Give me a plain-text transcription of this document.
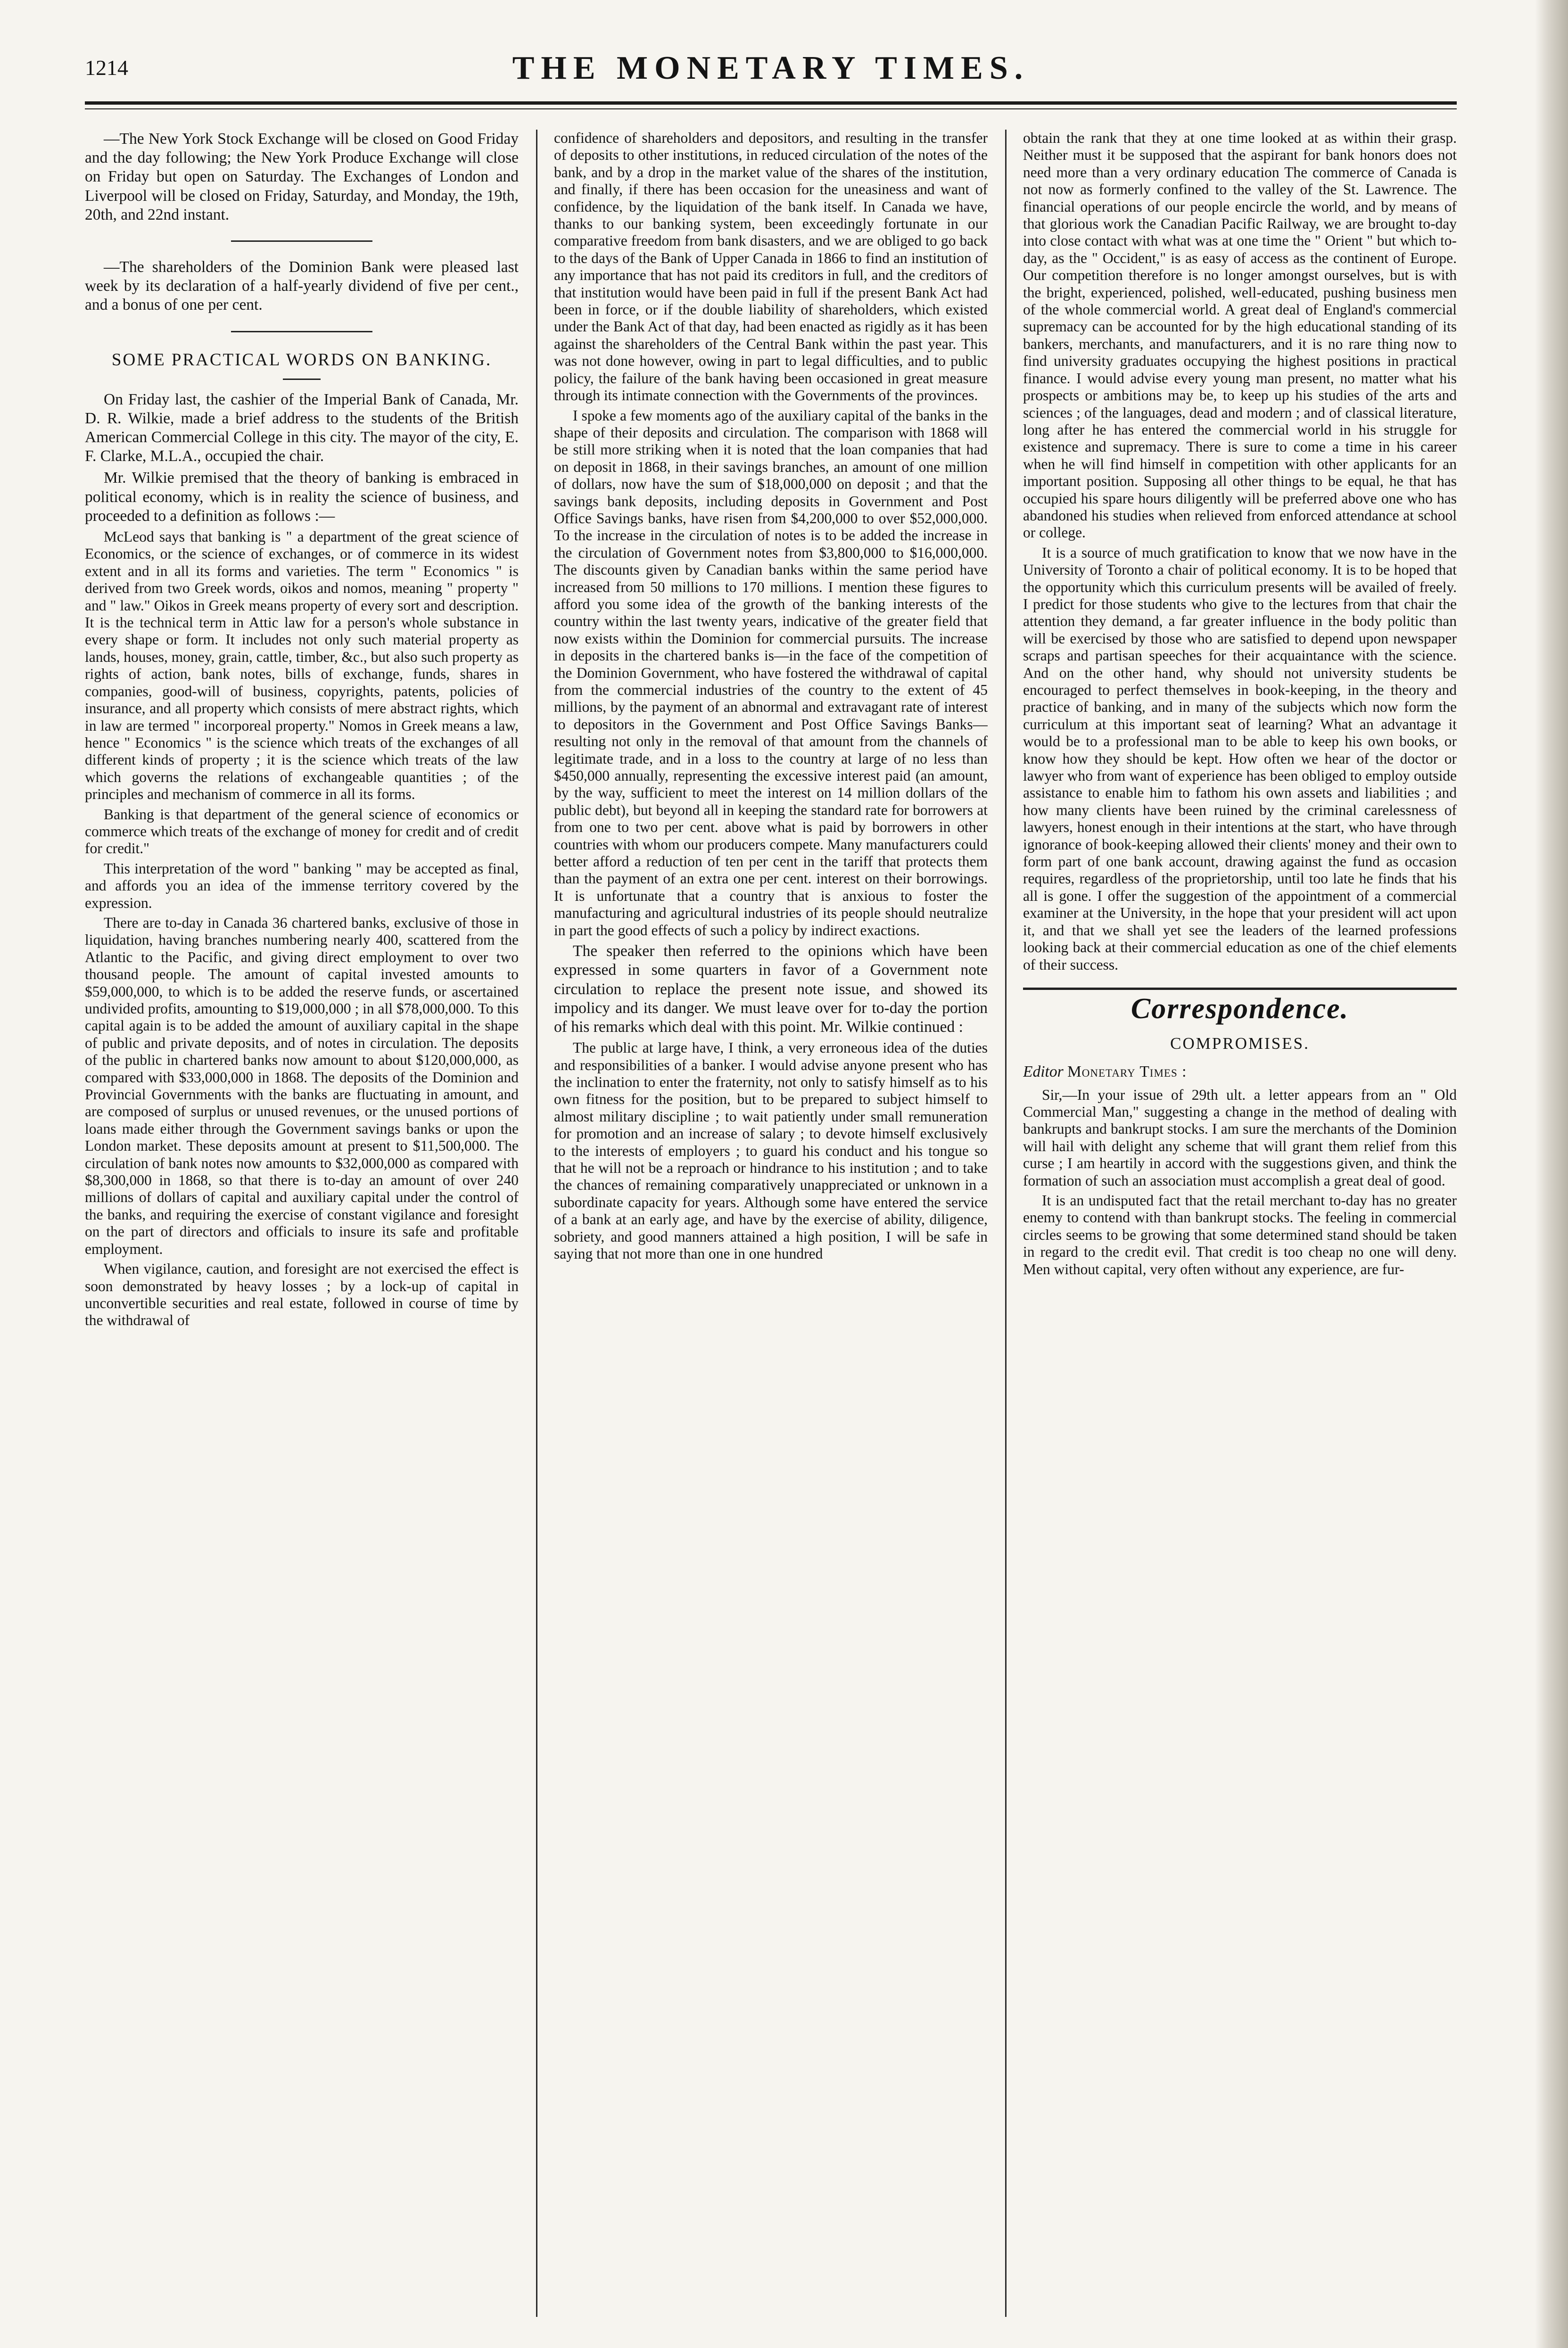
1214	THE MONETARY TIMES.

—The New York Stock Exchange will be closed on Good Friday and the day following; the New York Produce Exchange will close on Friday but open on Saturday. The Exchanges of London and Liverpool will be closed on Friday, Saturday, and Monday, the 19th, 20th, and 22nd instant.

—The shareholders of the Dominion Bank were pleased last week by its declaration of a half-yearly dividend of five per cent., and a bonus of one per cent.

SOME PRACTICAL WORDS ON BANKING.

On Friday last, the cashier of the Imperial Bank of Canada, Mr. D. R. Wilkie, made a brief address to the students of the British American Commercial College in this city. The mayor of the city, E. F. Clarke, M.L.A., occupied the chair.

Mr. Wilkie premised that the theory of banking is embraced in political economy, which is in reality the science of business, and proceeded to a definition as follows :—

McLeod says that banking is " a department of the great science of Economics, or the science of exchanges, or of commerce in its widest extent and in all its forms and varieties. The term " Economics " is derived from two Greek words, oikos and nomos, meaning " property " and " law." Oikos in Greek means property of every sort and description. It is the technical term in Attic law for a person's whole substance in every shape or form. It includes not only such material property as lands, houses, money, grain, cattle, timber, &c., but also such property as rights of action, bank notes, bills of exchange, funds, shares in companies, good-will of business, copyrights, patents, policies of insurance, and all property which consists of mere abstract rights, which in law are termed " incorporeal property." Nomos in Greek means a law, hence " Economics " is the science which treats of the exchanges of all different kinds of property ; it is the science which treats of the law which governs the relations of exchangeable quantities ; of the principles and mechanism of commerce in all its forms.

Banking is that department of the general science of economics or commerce which treats of the exchange of money for credit and of credit for credit."

This interpretation of the word " banking " may be accepted as final, and affords you an idea of the immense territory covered by the expression.

There are to-day in Canada 36 chartered banks, exclusive of those in liquidation, having branches numbering nearly 400, scattered from the Atlantic to the Pacific, and giving direct employment to over two thousand people. The amount of capital invested amounts to $59,000,000, to which is to be added the reserve funds, or ascertained undivided profits, amounting to $19,000,000 ; in all $78,000,000. To this capital again is to be added the amount of auxiliary capital in the shape of public and private deposits, and of notes in circulation. The deposits of the public in chartered banks now amount to about $120,000,000, as compared with $33,000,000 in 1868. The deposits of the Dominion and Provincial Governments with the banks are fluctuating in amount, and are composed of surplus or unused revenues, or the unused portions of loans made either through the Government savings banks or upon the London market. These deposits amount at present to $11,500,000. The circulation of bank notes now amounts to $32,000,000 as compared with $8,300,000 in 1868, so that there is to-day an amount of over 240 millions of dollars of capital and auxiliary capital under the control of the banks, and requiring the exercise of constant vigilance and foresight on the part of directors and officials to insure its safe and profitable employment.

When vigilance, caution, and foresight are not exercised the effect is soon demonstrated by heavy losses ; by a lock-up of capital in unconvertible securities and real estate, followed in course of time by the withdrawal of

confidence of shareholders and depositors, and resulting in the transfer of deposits to other institutions, in reduced circulation of the notes of the bank, and by a drop in the market value of the shares of the institution, and finally, if there has been occasion for the uneasiness and want of confidence, by the liquidation of the bank itself. In Canada we have, thanks to our banking system, been exceedingly fortunate in our comparative freedom from bank disasters, and we are obliged to go back to the days of the Bank of Upper Canada in 1866 to find an institution of any importance that has not paid its creditors in full, and the creditors of that institution would have been paid in full if the present Bank Act had been in force, or if the double liability of shareholders, which existed under the Bank Act of that day, had been enacted as rigidly as it has been against the shareholders of the Central Bank within the past year. This was not done however, owing in part to legal difficulties, and to public policy, the failure of the bank having been occasioned in great measure through its intimate connection with the Governments of the provinces.

I spoke a few moments ago of the auxiliary capital of the banks in the shape of their deposits and circulation. The comparison with 1868 will be still more striking when it is noted that the loan companies that had on deposit in 1868, in their savings branches, an amount of one million of dollars, now have the sum of $18,000,000 on deposit ; and that the savings bank deposits, including deposits in Government and Post Office Savings banks, have risen from $4,200,000 to over $52,000,000. To the increase in the circulation of notes is to be added the increase in the circulation of Government notes from $3,800,000 to $16,000,000. The discounts given by Canadian banks within the same period have increased from 50 millions to 170 millions. I mention these figures to afford you some idea of the growth of the banking interests of the country within the last twenty years, indicative of the greater field that now exists within the Dominion for commercial pursuits. The increase in deposits in the chartered banks is—in the face of the competition of the Dominion Government, who have fostered the withdrawal of capital from the commercial industries of the country to the extent of 45 millions, by the payment of an abnormal and extravagant rate of interest to depositors in the Government and Post Office Savings Banks—resulting not only in the removal of that amount from the channels of legitimate trade, and in a loss to the country at large of no less than $450,000 annually, representing the excessive interest paid (an amount, by the way, sufficient to meet the interest on 14 million dollars of the public debt), but beyond all in keeping the standard rate for borrowers at from one to two per cent. above what is paid by borrowers in other countries with whom our producers compete. Many manufacturers could better afford a reduction of ten per cent in the tariff that protects them than the payment of an extra one per cent. interest on their borrowings. It is unfortunate that a country that is anxious to foster the manufacturing and agricultural industries of its people should neutralize in part the good effects of such a policy by indirect exactions.

The speaker then referred to the opinions which have been expressed in some quarters in favor of a Government note circulation to replace the present note issue, and showed its impolicy and its danger. We must leave over for to-day the portion of his remarks which deal with this point. Mr. Wilkie continued :

The public at large have, I think, a very erroneous idea of the duties and responsibilities of a banker. I would advise anyone present who has the inclination to enter the fraternity, not only to satisfy himself as to his own fitness for the position, but to be prepared to subject himself to almost military discipline ; to wait patiently under small remuneration for promotion and an increase of salary ; to devote himself exclusively to the interests of employers ; to guard his conduct and his tongue so that he will not be a reproach or hindrance to his institution ; and to take the chances of remaining comparatively unappreciated or unknown in a subordinate capacity for years. Although some have entered the service of a bank at an early age, and have by the exercise of ability, diligence, sobriety, and good manners attained a high position, I will be safe in saying that not more than one in one hundred

obtain the rank that they at one time looked at as within their grasp. Neither must it be supposed that the aspirant for bank honors does not need more than a very ordinary education The commerce of Canada is not now as formerly confined to the valley of the St. Lawrence. The financial operations of our people encircle the world, and by means of that glorious work the Canadian Pacific Railway, we are brought to-day into close contact with what was at one time the " Orient " but which to-day, as the " Occident," is as easy of access as the continent of Europe. Our competition therefore is no longer amongst ourselves, but is with the bright, experienced, polished, well-educated, pushing business men of the whole commercial world. A great deal of England's commercial supremacy can be accounted for by the high educational standing of its bankers, merchants, and manufacturers, and it is no rare thing now to find university graduates occupying the highest positions in practical finance. I would advise every young man present, no matter what his prospects or ambitions may be, to keep up his studies of the arts and sciences ; of the languages, dead and modern ; and of classical literature, long after he has entered the commercial world in his struggle for existence and supremacy. There is sure to come a time in his career when he will find himself in competition with other applicants for an important position. Supposing all other things to be equal, he that has occupied his spare hours diligently will be preferred above one who has abandoned his studies when relieved from enforced attendance at school or college.

It is a source of much gratification to know that we now have in the University of Toronto a chair of political economy. It is to be hoped that the opportunity which this curriculum presents will be availed of freely. I predict for those students who give to the lectures from that chair the attention they demand, a far greater influence in the body politic than will be exercised by those who are satisfied to depend upon newspaper scraps and partisan speeches for their acquaintance with the science. And on the other hand, why should not university students be encouraged to perfect themselves in book-keeping, in the theory and practice of banking, and in many of the subjects which now form the curriculum at this important seat of learning? What an advantage it would be to a professional man to be able to keep his own books, or know how they should be kept. How often we hear of the doctor or lawyer who from want of experience has been obliged to employ outside assistance to enable him to fathom his own assets and liabilities ; and how many clients have been ruined by the criminal carelessness of lawyers, honest enough in their intentions at the start, who have through ignorance of book-keeping allowed their clients' money and their own to form part of one bank account, drawing against the fund as occasion requires, regardless of the proprietorship, until too late he finds that his all is gone. I offer the suggestion of the appointment of a commercial examiner at the University, in the hope that your president will act upon it, and that we shall yet see the leaders of the learned professions looking back at their commercial education as one of the chief elements of their success.

Correspondence.

COMPROMISES.

Editor Monetary Times :

Sir,—In your issue of 29th ult. a letter appears from an " Old Commercial Man," suggesting a change in the method of dealing with bankrupts and bankrupt stocks. I am sure the merchants of the Dominion will hail with delight any scheme that will grant them relief from this curse ; I am heartily in accord with the suggestions given, and think the formation of such an association must accomplish a great deal of good.

It is an undisputed fact that the retail merchant to-day has no greater enemy to contend with than bankrupt stocks. The feeling in commercial circles seems to be growing that some determined stand should be taken in regard to the credit evil. That credit is too cheap no one will deny. Men without capital, very often without any experience, are fur-
